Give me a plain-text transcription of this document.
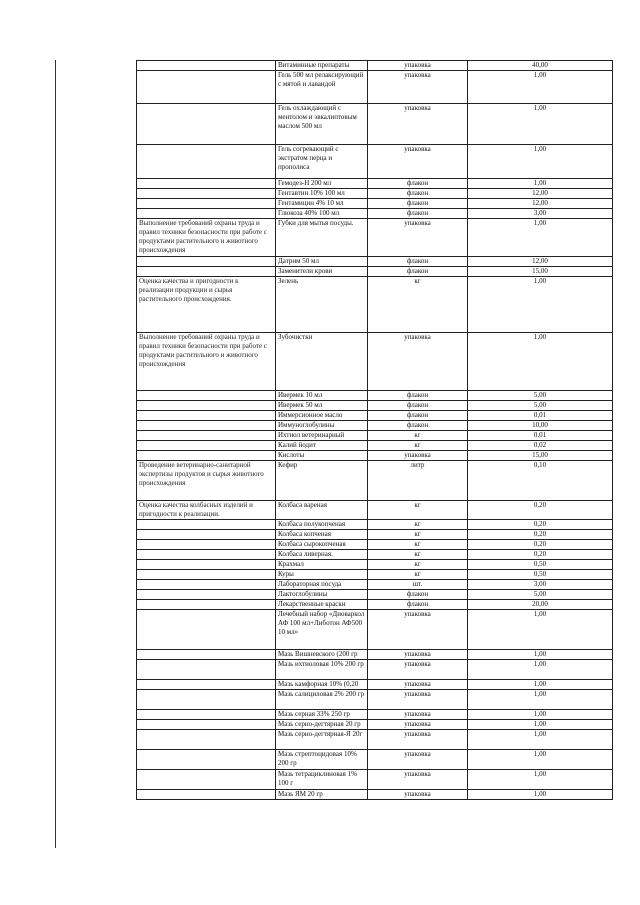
	Витаминные препараты	упаковка	40,00
	Гель 500 мл релаксирующий с мятой и лавандой	упаковка	1,00
	Гель охлаждающий с ментолом и эвкалиптовым маслом 500 мл	упаковка	1,00
	Гель согревающий с экстратом перца и прополиса	упаковка	1,00
	Гемодез-Н 200 мл	флакон	1,00
	Гентавтин 10% 100 мл	флакон	12,00
	Гентамицин 4% 10 мл	флакон	12,00
	Глюкоза 40% 100 мл	флакон	3,00
Выполнение требований охраны труда и правил техники безопасности при работе с продуктами растительного и животного происхождения	Губки для мытья посуды.	упаковка	1,00
	Датрим 50 мл	флакон	12,00
	Заменители крови	флакон	15,00
Оценка качества и пригодности к реализации продукции и сырья растительного происхождения.	Зелень	кг	1,00
Выполнение требований охраны труда и правил техники безопасности при работе с продуктами растительного и животного происхождения	Зубочистки	упаковка	1,00
	Ивермек 10 мл	флакон	5,00
	Ивермек 50 мл	флакон	5,00
	Иммерсионное масло	флакон	0,01
	Иммуноглобулины	флакон	10,00
	Ихтиол ветеринарный	кг	0,01
	Калий йодит	кг	0,02
	Кислоты	упаковка	15,00
Проведение ветеринарно-санитарной экспертизы продуктов и сырья животного происхождения	Кефир	литр	0,10
Оценка качества колбасных изделий и пригодности к реализации.	Колбаса вареная	кг	0,20
	Колбаса полукопченая	кг	0,20
	Колбаса копченая	кг	0,20
	Колбаса сырокопченая	кг	0,20
	Колбаса ливерная.	кг	0,20
	Крахмал	кг	0,50
	Куры	кг	0,50
	Лабораторная посуда	шт.	3,00
	Лактоглобулины	флакон	5,00
	Лекарственные краски	флакон	20,00
	Лечебный набор «Диоваркол АФ 100 мл+Либотон АФ500 10 мл»	упаковка	1,00
	Мазь Вишневского (200 гр	упаковка	1,00
	Мазь ихтиоловая 10% 200 гр	упаковка	1,00
	Мазь камфорная 10% (0,20	упаковка	1,00
	Мазь салициловая 2% 200 гр	упаковка	1,00
	Мазь серная 33% 250 гр	упаковка	1,00
	Мазь серно-дегтярная 20 гр	упаковка	1,00
	Мазь серно-дегтярная-Я 20г	упаковка	1,00
	Мазь стрептоцидовая 10% 200 гр	упаковка	1,00
	Мазь тетрациклиновая 1% 100 г	упаковка	1,00
	Мазь ЯМ 20 гр	упаковка	1,00
